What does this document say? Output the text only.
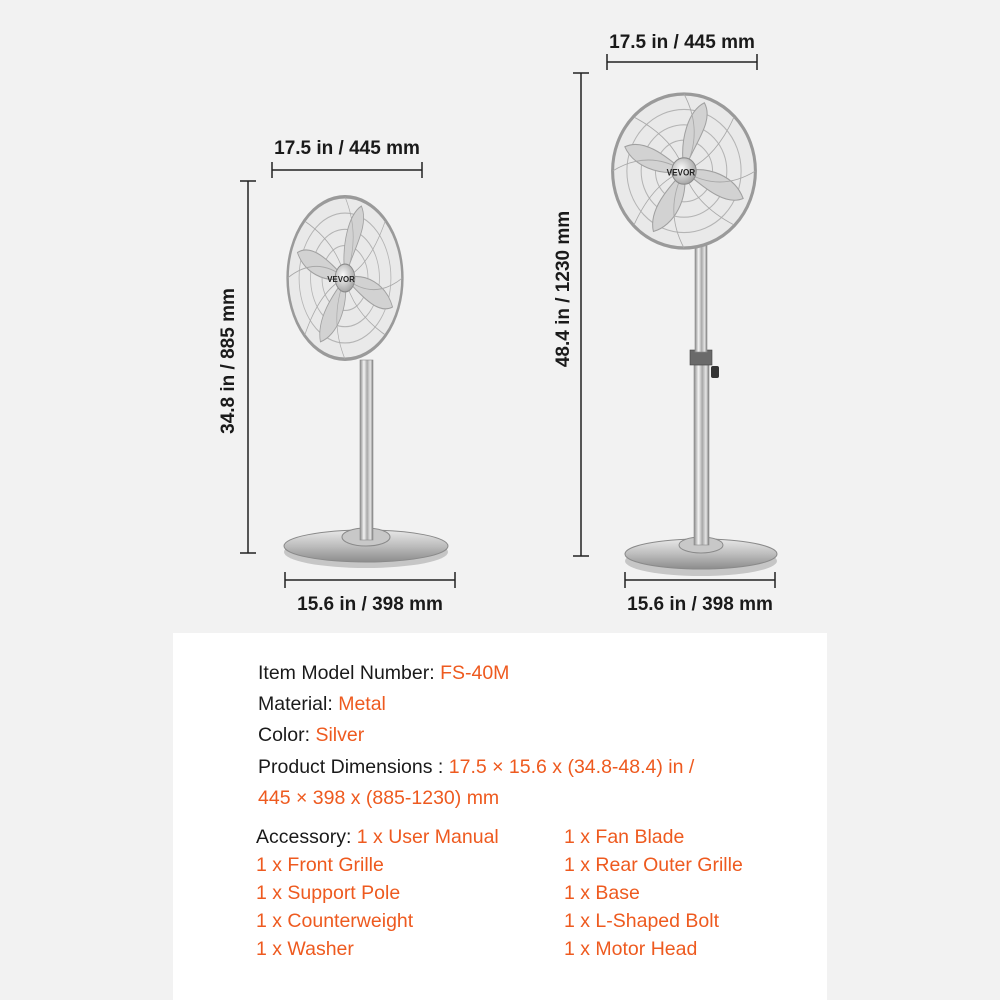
VEVOR
VEVOR
17.5 in / 445 mm
34.8 in / 885 mm
15.6 in / 398 mm
17.5 in / 445 mm
48.4 in / 1230 mm
15.6 in / 398 mm
Item Model Number: FS-40M
Material: Metal
Color: Silver
Product Dimensions : 17.5 × 15.6 x (34.8-48.4) in /
445 × 398 x (885-1230) mm
Accessory: 1 x User Manual
1 x Front Grille
1 x Support Pole
1 x Counterweight
1 x Washer
1 x Fan Blade
1 x Rear Outer Grille
1 x Base
1 x L-Shaped Bolt
1 x Motor Head
